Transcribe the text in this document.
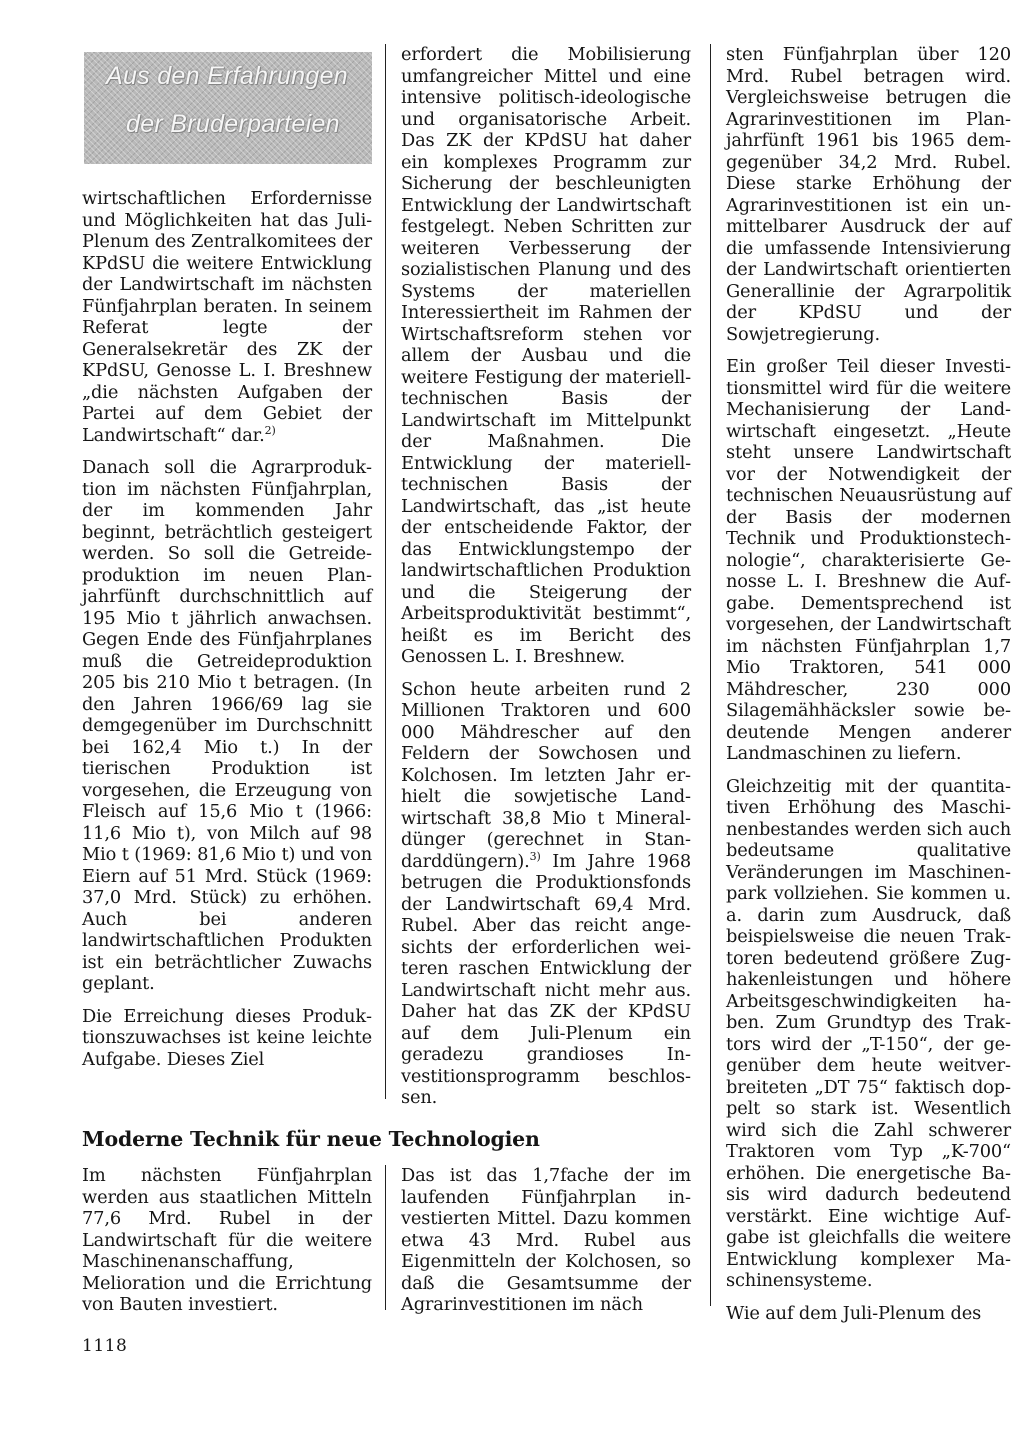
Aus den Erfahrungen
der Bruderparteien

wirtschaftlichen Erfordernisse und Möglichkeiten hat das Juli-Plenum des Zentralkomitees der KPdSU die weitere Entwicklung der Landwirtschaft im nächsten Fünfjahrplan beraten. In seinem Referat legte der Generalsekretär des ZK der KPdSU, Genosse L. I. Breshnew „die nächsten Aufgaben der Partei auf dem Gebiet der Landwirtschaft“ dar.$^{2)}$

Danach soll die Agrarproduktion im nächsten Fünfjahrplan, der im kommenden Jahr beginnt, beträchtlich gesteigert werden. So soll die Getreideproduktion im neuen Planjahrfünft durchschnittlich auf 195 Mio t jährlich anwachsen. Gegen Ende des Fünfjahrplanes muß die Getreideproduktion 205 bis 210 Mio t betragen. (In den Jahren 1966/69 lag sie demgegenüber im Durchschnitt bei 162,4 Mio t.) In der tierischen Produktion ist vorgesehen, die Erzeugung von Fleisch auf 15,6 Mio t (1966: 11,6 Mio t), von Milch auf 98 Mio t (1969: 81,6 Mio t) und von Eiern auf 51 Mrd. Stück (1969: 37,0 Mrd. Stück) zu erhöhen. Auch bei anderen landwirtschaftlichen Produkten ist ein beträchtlicher Zuwachs geplant.

Die Erreichung dieses Produktionszuwachses ist keine leichte Aufgabe. Dieses Ziel

erfordert die Mobilisierung umfangreicher Mittel und eine intensive politisch-ideologische und organisatorische Arbeit. Das ZK der KPdSU hat daher ein komplexes Programm zur Sicherung der beschleunigten Entwicklung der Landwirtschaft festgelegt. Neben Schritten zur weiteren Verbesserung der sozialistischen Planung und des Systems der materiellen Interessiertheit im Rahmen der Wirtschaftsreform stehen vor allem der Ausbau und die weitere Festigung der materiell-technischen Basis der Landwirtschaft im Mittelpunkt der Maßnahmen. Die Entwicklung der materiell-technischen Basis der Landwirtschaft, das „ist heute der entscheidende Faktor, der das Entwicklungstempo der landwirtschaftlichen Produktion und die Steigerung der Arbeitsproduktivität bestimmt“, heißt es im Bericht des Genossen L. I. Breshnew.

Schon heute arbeiten rund 2 Millionen Traktoren und 600 000 Mähdrescher auf den Feldern der Sowchosen und Kolchosen. Im letzten Jahr erhielt die sowjetische Landwirtschaft 38,8 Mio t Mineraldünger (gerechnet in Standarddüngern).$^{3)}$ Im Jahre 1968 betrugen die Produktionsfonds der Landwirtschaft 69,4 Mrd. Rubel. Aber das reicht angesichts der erforderlichen weiteren raschen Entwicklung der Landwirtschaft nicht mehr aus. Daher hat das ZK der KPdSU auf dem Juli-Plenum ein geradezu grandioses Investitionsprogramm beschlossen.

sten Fünfjahrplan über 120 Mrd. Rubel betragen wird. Vergleichsweise betrugen die Agrarinvestitionen im Planjahrfünft 1961 bis 1965 demgegenüber 34,2 Mrd. Rubel. Diese starke Erhöhung der Agrarinvestitionen ist ein unmittelbarer Ausdruck der auf die umfassende Intensivierung der Landwirtschaft orientierten Generallinie der Agrarpolitik der KPdSU und der Sowjetregierung.

Ein großer Teil dieser Investitionsmittel wird für die weitere Mechanisierung der Landwirtschaft eingesetzt. „Heute steht unsere Landwirtschaft vor der Notwendigkeit der technischen Neuausrüstung auf der Basis der modernen Technik und Produktionstechnologie“, charakterisierte Genosse L. I. Breshnew die Aufgabe. Dementsprechend ist vorgesehen, der Landwirtschaft im nächsten Fünfjahrplan 1,7 Mio Traktoren, 541 000 Mähdrescher, 230 000 Silagemähhäcksler sowie bedeutende Mengen anderer Landmaschinen zu liefern.

Gleichzeitig mit der quantitativen Erhöhung des Maschinenbestandes werden sich auch bedeutsame qualitative Veränderungen im Maschinenpark vollziehen. Sie kommen u. a. darin zum Ausdruck, daß beispielsweise die neuen Traktoren bedeutend größere Zughakenleistungen und höhere Arbeitsgeschwindigkeiten haben. Zum Grundtyp des Traktors wird der „T-150“, der gegenüber dem heute weitverbreiteten „DT 75“ faktisch doppelt so stark ist. Wesentlich wird sich die Zahl schwerer Traktoren vom Typ „K-700“ erhöhen. Die energetische Basis wird dadurch bedeutend verstärkt. Eine wichtige Aufgabe ist gleichfalls die weitere Entwicklung komplexer Maschinensysteme.

Wie auf dem Juli-Plenum des

Moderne Technik für neue Technologien

Im nächsten Fünfjahrplan werden aus staatlichen Mitteln 77,6 Mrd. Rubel in der Landwirtschaft für die weitere Maschinenanschaffung, Melioration und die Errichtung von Bauten investiert.

Das ist das 1,7fache der im laufenden Fünfjahrplan investierten Mittel. Dazu kommen etwa 43 Mrd. Rubel aus Eigenmitteln der Kolchosen, so daß die Gesamtsumme der Agrarinvestitionen im näch

1118
